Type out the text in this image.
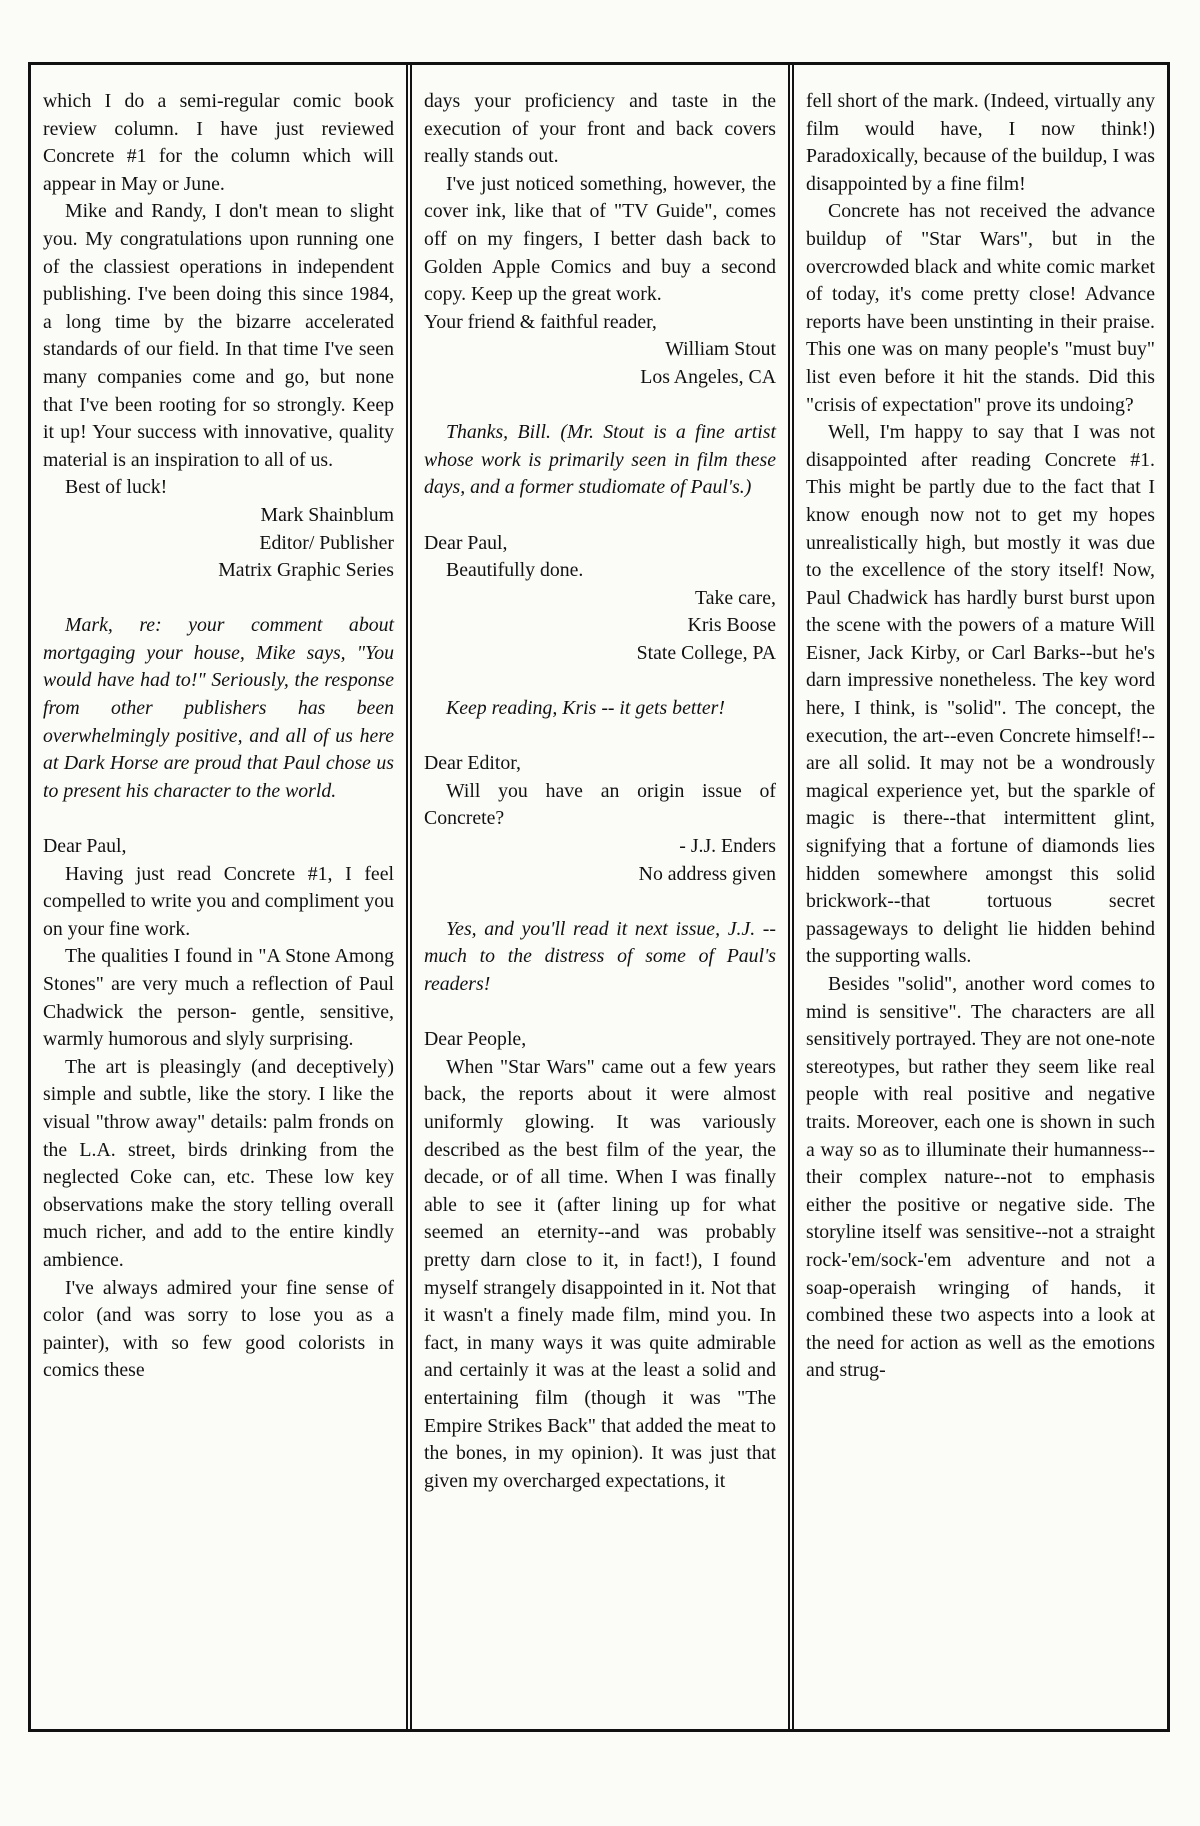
which I do a semi-regular comic book review column. I have just reviewed Concrete #1 for the column which will appear in May or June.

Mike and Randy, I don't mean to slight you. My congratulations upon running one of the classiest operations in independent publishing. I've been doing this since 1984, a long time by the bizarre accelerated standards of our field. In that time I've seen many companies come and go, but none that I've been rooting for so strongly. Keep it up! Your success with innovative, quality material is an inspiration to all of us.

Best of luck!

Mark Shainblum

Editor/ Publisher

Matrix Graphic Series

Mark, re: your comment about mortgaging your house, Mike says, "You would have had to!" Seriously, the response from other publishers has been overwhelmingly positive, and all of us here at Dark Horse are proud that Paul chose us to present his character to the world.

Dear Paul,

Having just read Concrete #1, I feel compelled to write you and compliment you on your fine work.

The qualities I found in "A Stone Among Stones" are very much a reflection of Paul Chadwick the person- gentle, sensitive, warmly humorous and slyly surprising.

The art is pleasingly (and deceptively) simple and subtle, like the story. I like the visual "throw away" details: palm fronds on the L.A. street, birds drinking from the neglected Coke can, etc. These low key observations make the story telling overall much richer, and add to the entire kindly ambience.

I've always admired your fine sense of color (and was sorry to lose you as a painter), with so few good colorists in comics these

days your proficiency and taste in the execution of your front and back covers really stands out.

I've just noticed something, however, the cover ink, like that of "TV Guide", comes off on my fingers, I better dash back to Golden Apple Comics and buy a second copy. Keep up the great work.

Your friend & faithful reader,

William Stout

Los Angeles, CA

Thanks, Bill. (Mr. Stout is a fine artist whose work is primarily seen in film these days, and a former studiomate of Paul's.)

Dear Paul,

Beautifully done.

Take care,

Kris Boose

State College, PA

Keep reading, Kris -- it gets better!

Dear Editor,

Will you have an origin issue of Concrete?

- J.J. Enders

No address given

Yes, and you'll read it next issue, J.J. -- much to the distress of some of Paul's readers!

Dear People,

When "Star Wars" came out a few years back, the reports about it were almost uniformly glowing. It was variously described as the best film of the year, the decade, or of all time. When I was finally able to see it (after lining up for what seemed an eternity--and was probably pretty darn close to it, in fact!), I found myself strangely disappointed in it. Not that it wasn't a finely made film, mind you. In fact, in many ways it was quite admirable and certainly it was at the least a solid and entertaining film (though it was "The Empire Strikes Back" that added the meat to the bones, in my opinion). It was just that given my overcharged expectations, it

fell short of the mark. (Indeed, virtually any film would have, I now think!) Paradoxically, because of the buildup, I was disappointed by a fine film!

Concrete has not received the advance buildup of "Star Wars", but in the overcrowded black and white comic market of today, it's come pretty close! Advance reports have been unstinting in their praise. This one was on many people's "must buy" list even before it hit the stands. Did this "crisis of expectation" prove its undoing?

Well, I'm happy to say that I was not disappointed after reading Concrete #1. This might be partly due to the fact that I know enough now not to get my hopes unrealistically high, but mostly it was due to the excellence of the story itself! Now, Paul Chadwick has hardly burst burst upon the scene with the powers of a mature Will Eisner, Jack Kirby, or Carl Barks--but he's darn impressive nonetheless. The key word here, I think, is "solid". The concept, the execution, the art--even Concrete himself!--are all solid. It may not be a wondrously magical experience yet, but the sparkle of magic is there--that intermittent glint, signifying that a fortune of diamonds lies hidden somewhere amongst this solid brickwork--that tortuous secret passageways to delight lie hidden behind the supporting walls.

Besides "solid", another word comes to mind is sensitive". The characters are all sensitively portrayed. They are not one-note stereotypes, but rather they seem like real people with real positive and negative traits. Moreover, each one is shown in such a way so as to illuminate their humanness--their complex nature--not to emphasis either the positive or negative side. The storyline itself was sensitive--not a straight rock-'em/sock-'em adventure and not a soap-operaish wringing of hands, it combined these two aspects into a look at the need for action as well as the emotions and strug-
